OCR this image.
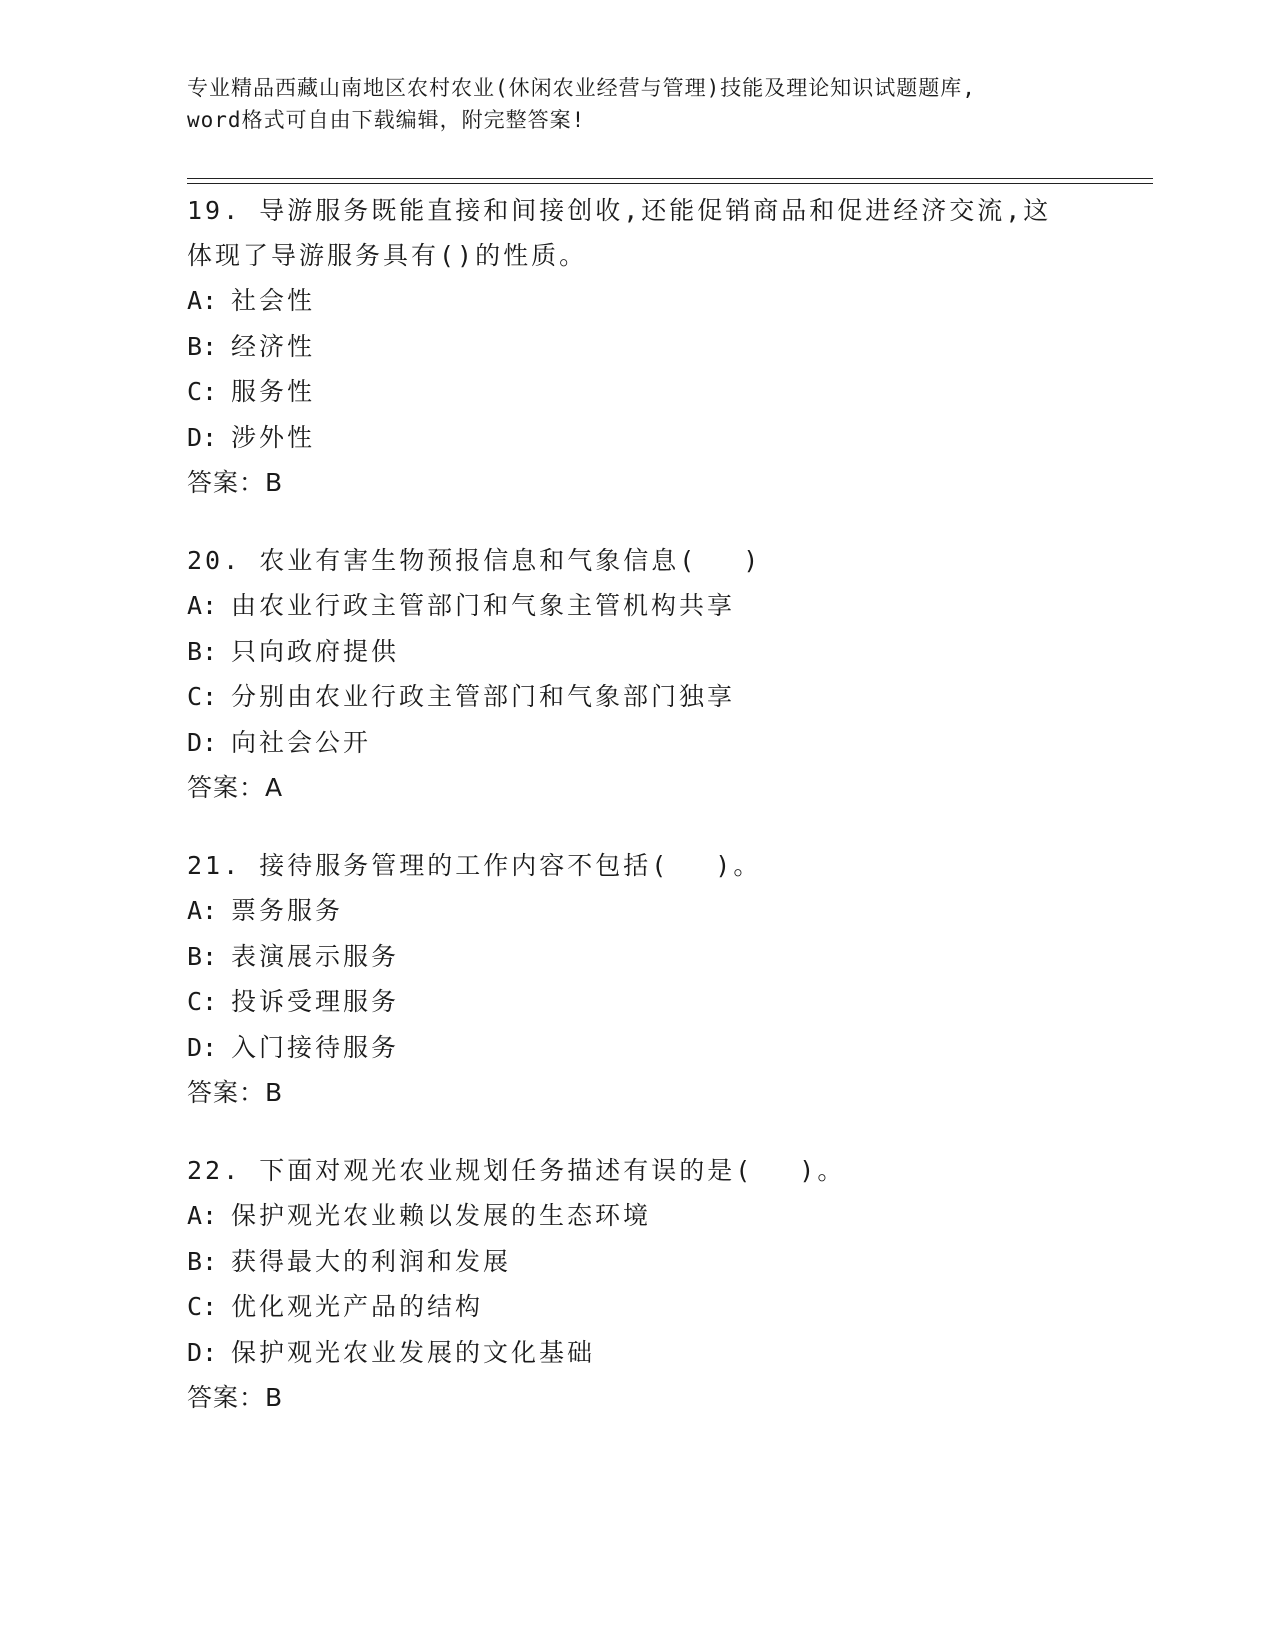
专业精品西藏山南地区农村农业(休闲农业经营与管理)技能及理论知识试题题库,
word格式可自由下载编辑，附完整答案!
19. 导游服务既能直接和间接创收,还能促销商品和促进经济交流,这
体现了导游服务具有()的性质。
A: 社会性
B: 经济性
C: 服务性
D: 涉外性
答案：B
20. 农业有害生物预报信息和气象信息(　 )
A: 由农业行政主管部门和气象主管机构共享
B: 只向政府提供
C: 分别由农业行政主管部门和气象部门独享
D: 向社会公开
答案：A
21. 接待服务管理的工作内容不包括(　 )。
A: 票务服务
B: 表演展示服务
C: 投诉受理服务
D: 入门接待服务
答案：B
22. 下面对观光农业规划任务描述有误的是(　 )。
A: 保护观光农业赖以发展的生态环境
B: 获得最大的利润和发展
C: 优化观光产品的结构
D: 保护观光农业发展的文化基础
答案：B
